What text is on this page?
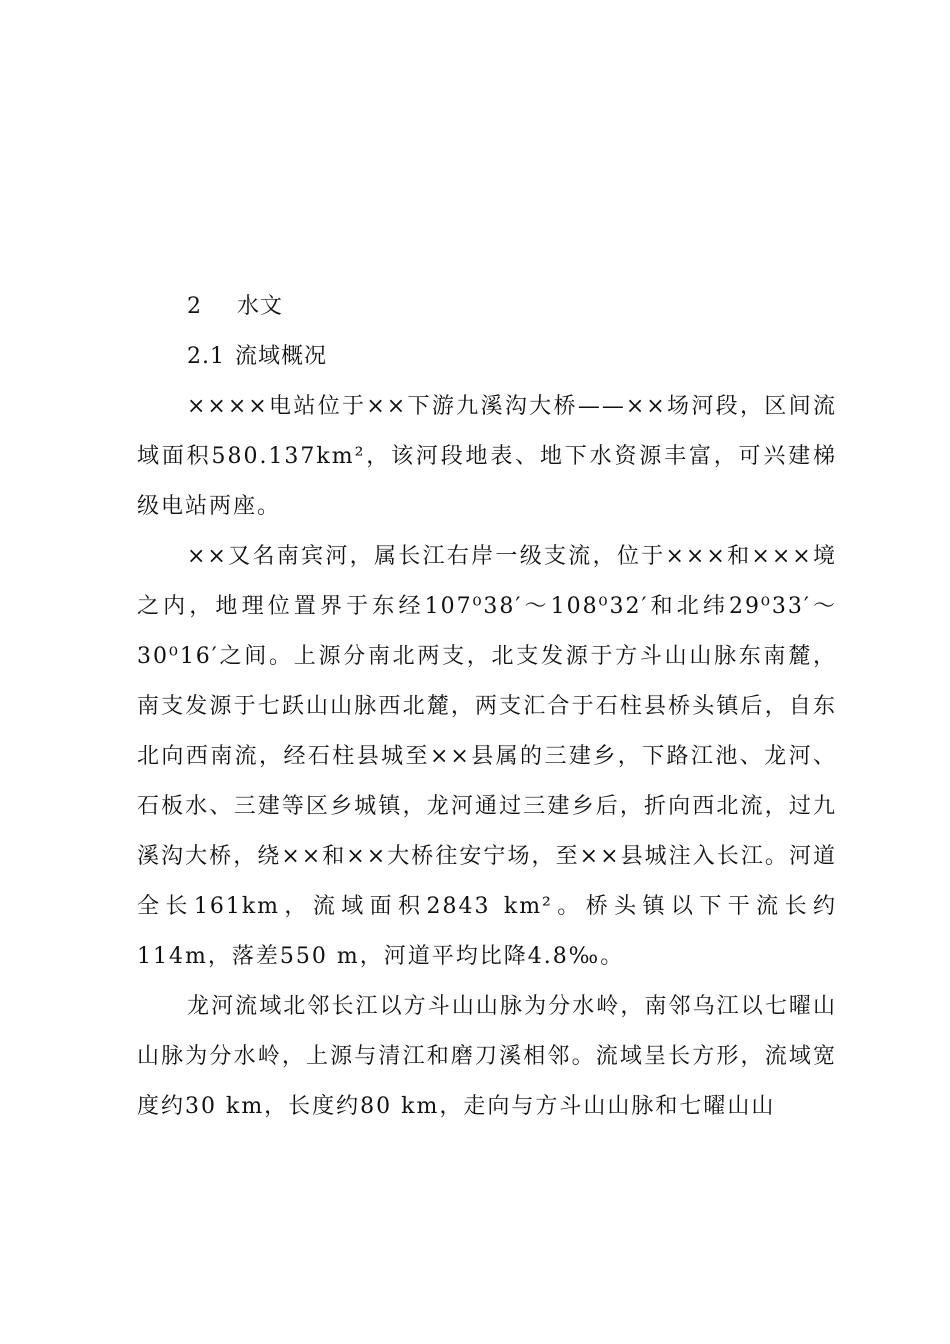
2 水文
2.1 流域概况

××××电站位于××下游九溪沟大桥——××场河段，区间流域面积580.137km²，该河段地表、地下水资源丰富，可兴建梯级电站两座。

××又名南宾河，属长江右岸一级支流，位于×××和×××境之内，地理位置界于东经107⁰38′～108⁰32′和北纬29⁰33′～30⁰16′之间。上源分南北两支，北支发源于方斗山山脉东南麓，南支发源于七跃山山脉西北麓，两支汇合于石柱县桥头镇后，自东北向西南流，经石柱县城至××县属的三建乡，下路江池、龙河、石板水、三建等区乡城镇，龙河通过三建乡后，折向西北流，过九溪沟大桥，绕××和××大桥往安宁场，至××县城注入长江。河道全长161km，流域面积2843 km²。桥头镇以下干流长约114m，落差550 m，河道平均比降4.8‰。

龙河流域北邻长江以方斗山山脉为分水岭，南邻乌江以七曜山山脉为分水岭，上源与清江和磨刀溪相邻。流域呈长方形，流域宽度约30 km，长度约80 km，走向与方斗山山脉和七曜山山
